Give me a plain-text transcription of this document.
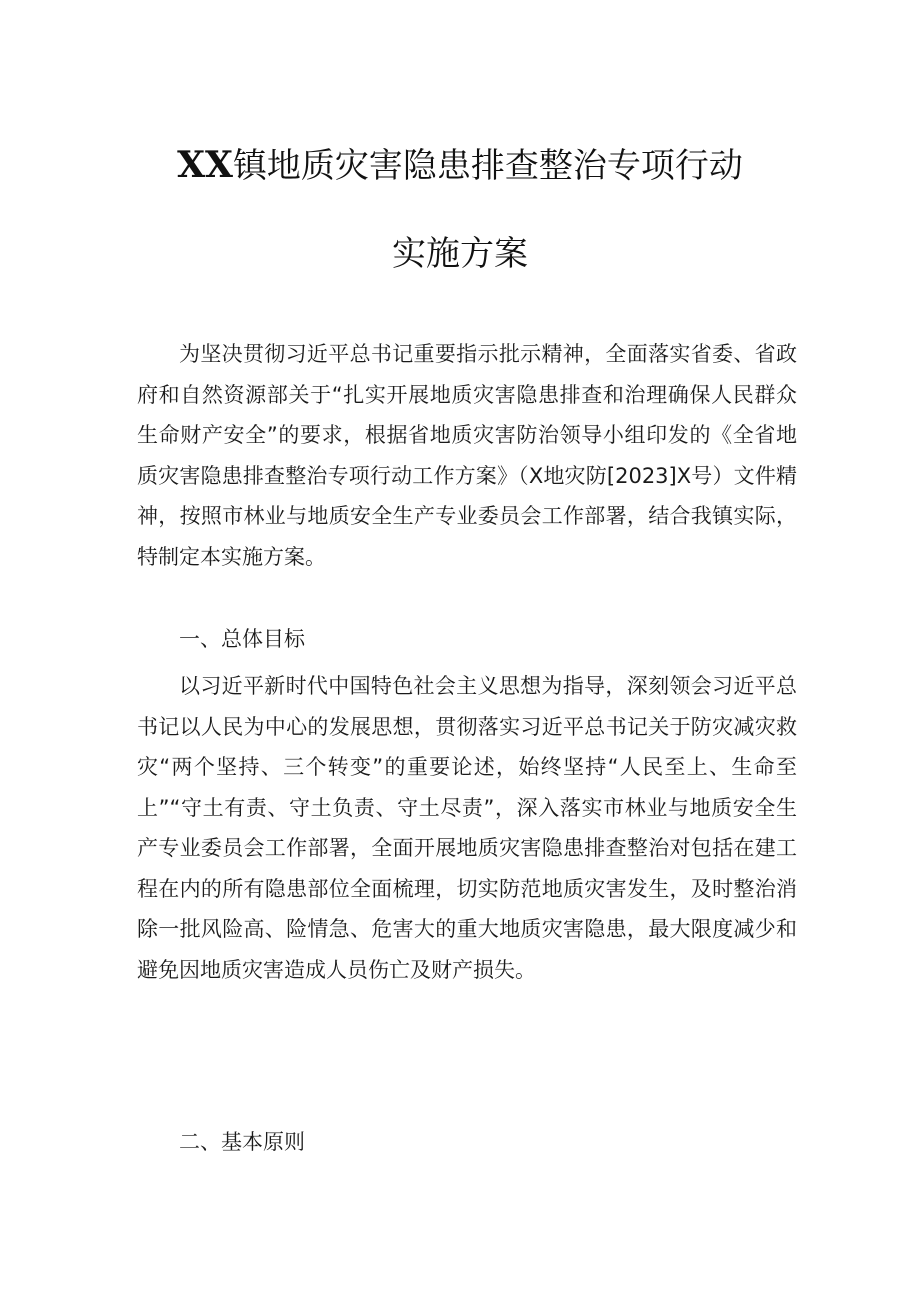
XX镇地质灾害隐患排查整治专项行动
实施方案

为坚决贯彻习近平总书记重要指示批示精神，全面落实省委、省政府和自然资源部关于“扎实开展地质灾害隐患排查和治理确保人民群众生命财产安全”的要求，根据省地质灾害防治领导小组印发的《全省地质灾害隐患排查整治专项行动工作方案》（X地灾防[2023]X号）文件精神，按照市林业与地质安全生产专业委员会工作部署，结合我镇实际，特制定本实施方案。

一、总体目标

以习近平新时代中国特色社会主义思想为指导，深刻领会习近平总书记以人民为中心的发展思想，贯彻落实习近平总书记关于防灾减灾救灾“两个坚持、三个转变”的重要论述，始终坚持“人民至上、生命至上”“守土有责、守土负责、守土尽责”，深入落实市林业与地质安全生产专业委员会工作部署，全面开展地质灾害隐患排查整治对包括在建工程在内的所有隐患部位全面梳理，切实防范地质灾害发生，及时整治消除一批风险高、险情急、危害大的重大地质灾害隐患，最大限度减少和避免因地质灾害造成人员伤亡及财产损失。

二、基本原则
